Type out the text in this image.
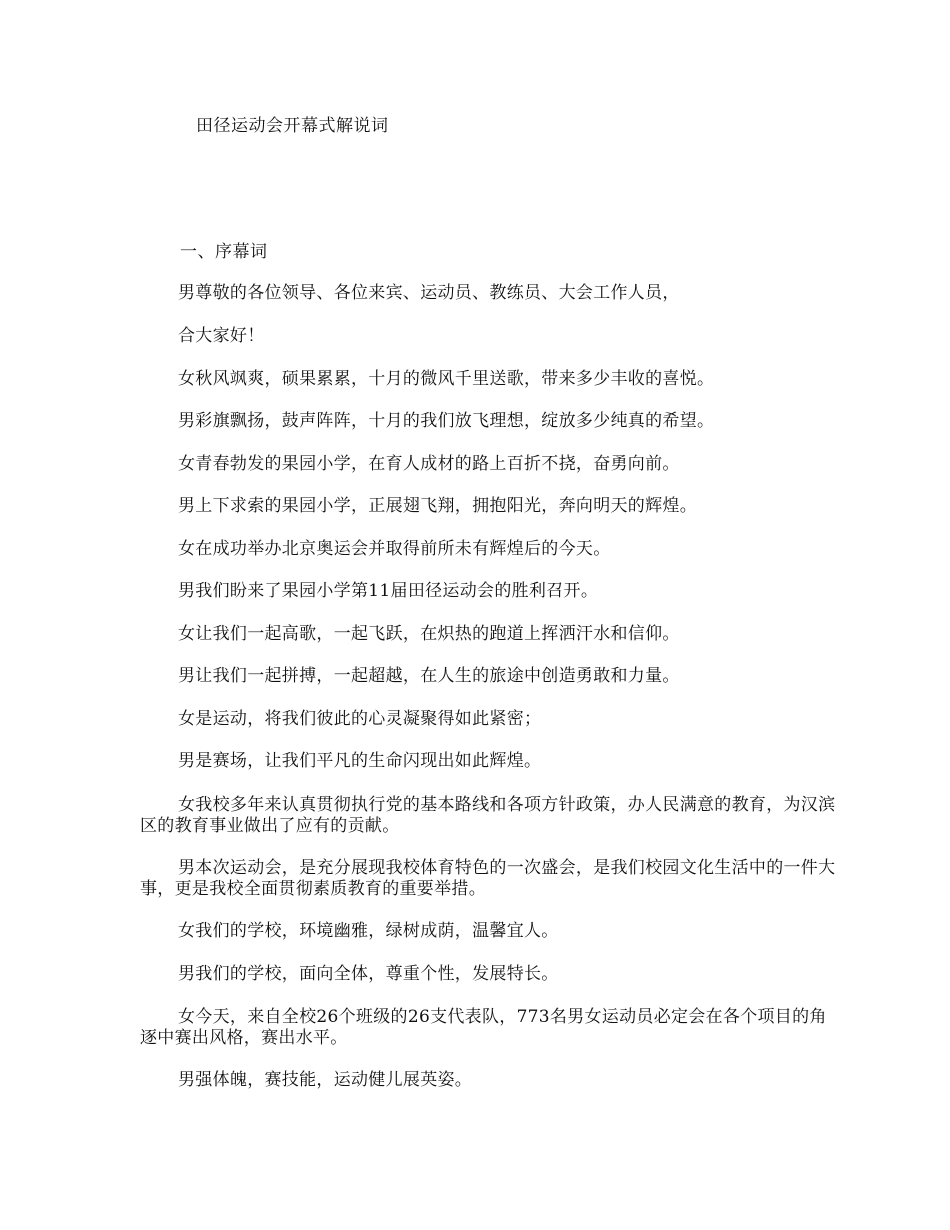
田径运动会开幕式解说词
一、序幕词
男尊敬的各位领导、各位来宾、运动员、教练员、大会工作人员，
合大家好！
女秋风飒爽，硕果累累，十月的微风千里送歌，带来多少丰收的喜悦。
男彩旗飘扬，鼓声阵阵，十月的我们放飞理想，绽放多少纯真的希望。
女青春勃发的果园小学，在育人成材的路上百折不挠，奋勇向前。
男上下求索的果园小学，正展翅飞翔，拥抱阳光，奔向明天的辉煌。
女在成功举办北京奥运会并取得前所未有辉煌后的今天。
男我们盼来了果园小学第11届田径运动会的胜利召开。
女让我们一起高歌，一起飞跃，在炽热的跑道上挥洒汗水和信仰。
男让我们一起拼搏，一起超越，在人生的旅途中创造勇敢和力量。
女是运动，将我们彼此的心灵凝聚得如此紧密；
男是赛场，让我们平凡的生命闪现出如此辉煌。
女我校多年来认真贯彻执行党的基本路线和各项方针政策，办人民满意的教育，为汉滨区的教育事业做出了应有的贡献。
男本次运动会，是充分展现我校体育特色的一次盛会，是我们校园文化生活中的一件大事，更是我校全面贯彻素质教育的重要举措。
女我们的学校，环境幽雅，绿树成荫，温馨宜人。
男我们的学校，面向全体，尊重个性，发展特长。
女今天，来自全校26个班级的26支代表队，773名男女运动员必定会在各个项目的角逐中赛出风格，赛出水平。
男强体魄，赛技能，运动健儿展英姿。
